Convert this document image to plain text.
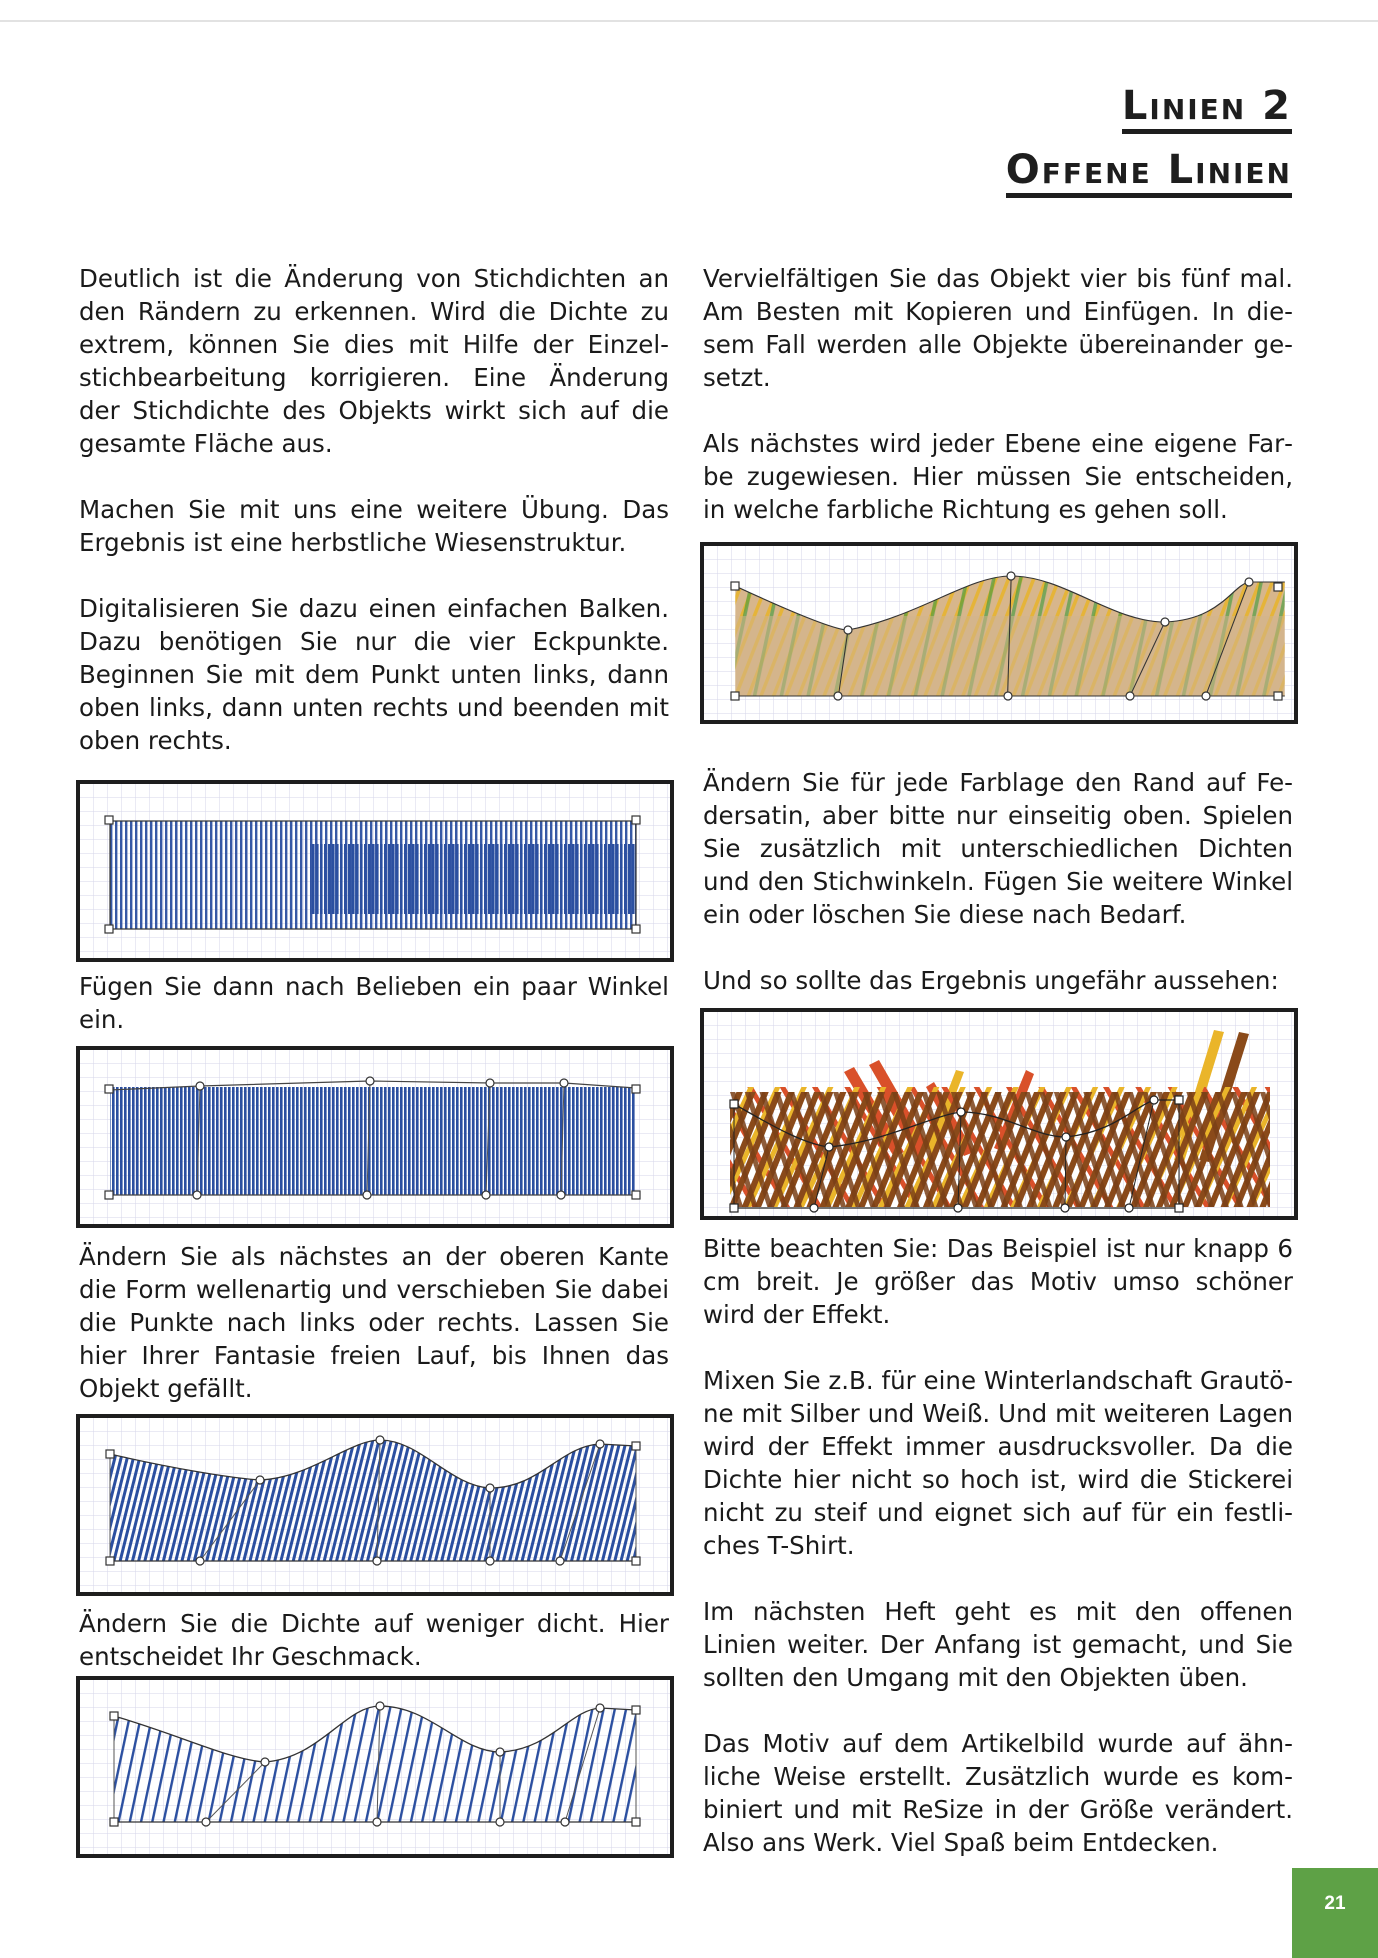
Linien 2
Offene Linien

Deutlich ist die Änderung von Stichdichten an den Rändern zu erkennen. Wird die Dichte zu extrem, können Sie dies mit Hilfe der Einzelstichbearbeitung korrigieren. Eine Änderung der Stichdichte des Objekts wirkt sich auf die gesamte Fläche aus.

Machen Sie mit uns eine weitere Übung. Das Ergebnis ist eine herbstliche Wiesenstruktur.

Digitalisieren Sie dazu einen einfachen Balken. Dazu benötigen Sie nur die vier Eckpunkte. Beginnen Sie mit dem Punkt unten links, dann oben links, dann unten rechts und beenden mit oben rechts.

Fügen Sie dann nach Belieben ein paar Winkel ein.
Ändern Sie als nächstes an der oberen Kante die Form wellenartig und verschieben Sie dabei die Punkte nach links oder rechts. Lassen Sie hier Ihrer Fantasie freien Lauf, bis Ihnen das Objekt gefällt.
Ändern Sie die Dichte auf weniger dicht. Hier entscheidet Ihr Geschmack.

Vervielfältigen Sie das Objekt vier bis fünf mal. Am Besten mit Kopieren und Einfügen. In diesem Fall werden alle Objekte übereinander gesetzt.

Als nächstes wird jeder Ebene eine eigene Farbe zugewiesen. Hier müssen Sie entscheiden, in welche farbliche Richtung es gehen soll.

Ändern Sie für jede Farblage den Rand auf Federsatin, aber bitte nur einseitig oben. Spielen Sie zusätzlich mit unterschiedlichen Dichten und den Stichwinkeln. Fügen Sie weitere Winkel ein oder löschen Sie diese nach Bedarf.
Und so sollte das Ergebnis ungefähr aussehen:

Bitte beachten Sie: Das Beispiel ist nur knapp 6 cm breit. Je größer das Motiv umso schöner wird der Effekt.

Mixen Sie z.B. für eine Winterlandschaft Grautöne mit Silber und Weiß. Und mit weiteren Lagen wird der Effekt immer ausdrucksvoller. Da die Dichte hier nicht so hoch ist, wird die Stickerei nicht zu steif und eignet sich auf für ein festliches T-Shirt.

Im nächsten Heft geht es mit den offenen Linien weiter. Der Anfang ist gemacht, und Sie sollten den Umgang mit den Objekten üben.

Das Motiv auf dem Artikelbild wurde auf ähnliche Weise erstellt. Zusätzlich wurde es kombiniert und mit ReSize in der Größe verändert. Also ans Werk. Viel Spaß beim Entdecken.

21
